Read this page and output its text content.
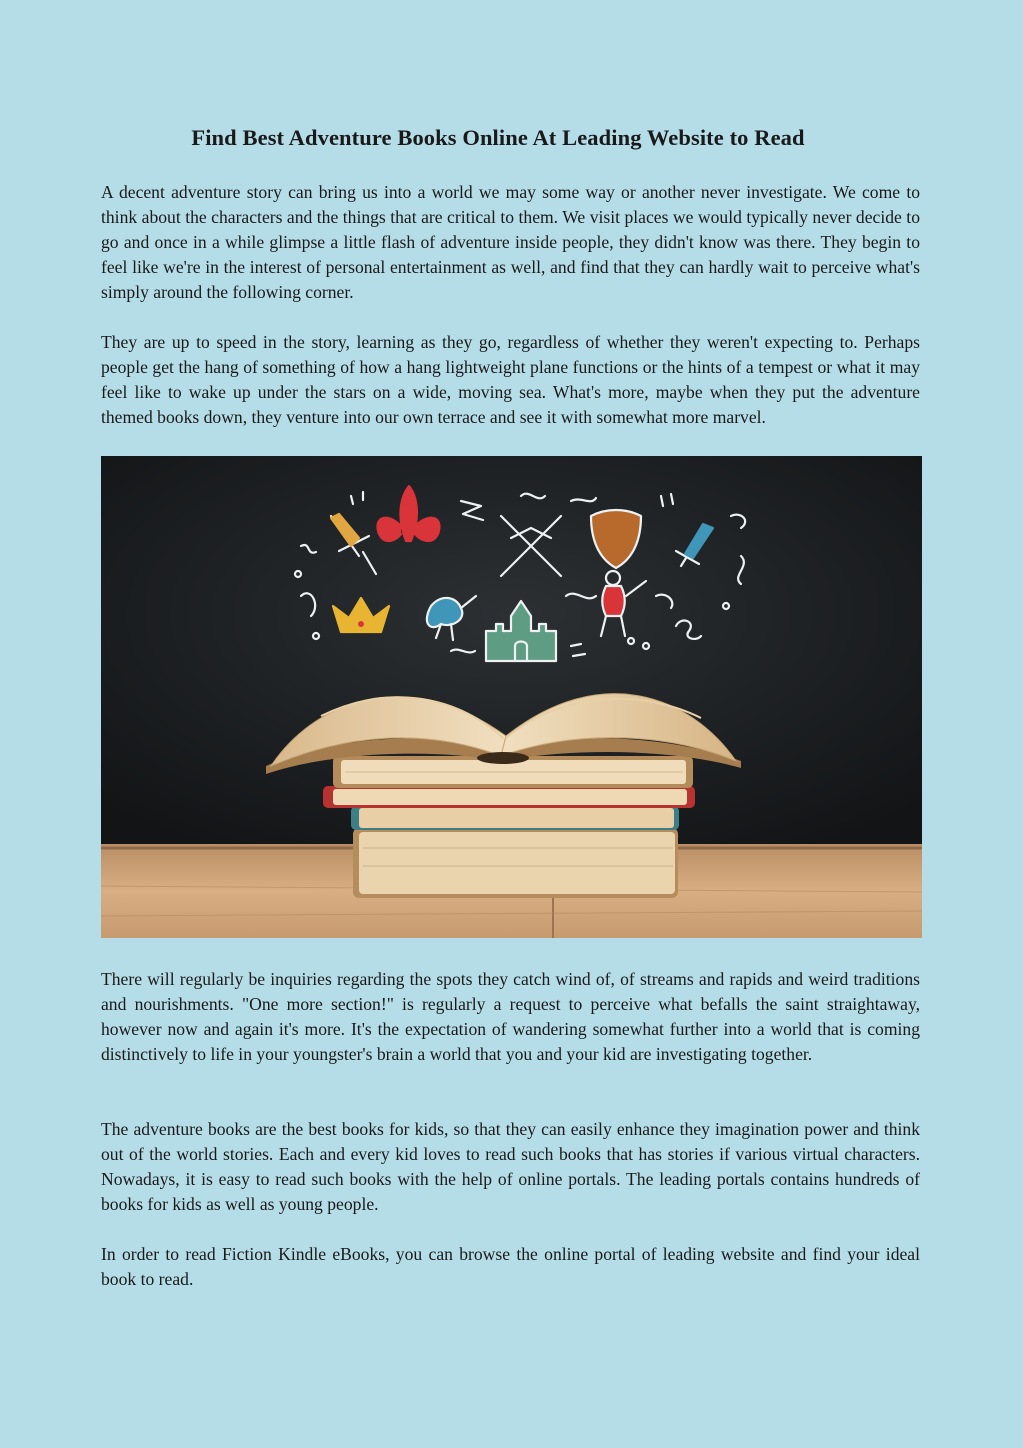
Find Best Adventure Books Online At Leading Website to Read

A decent adventure story can bring us into a world we may some way or another never investigate. We come to think about the characters and the things that are critical to them. We visit places we would typically never decide to go and once in a while glimpse a little flash of adventure inside people, they didn't know was there. They begin to feel like we're in the interest of personal entertainment as well, and find that they can hardly wait to perceive what's simply around the following corner.

They are up to speed in the story, learning as they go, regardless of whether they weren't expecting to. Perhaps people get the hang of something of how a hang lightweight plane functions or the hints of a tempest or what it may feel like to wake up under the stars on a wide, moving sea. What's more, maybe when they put the adventure themed books down, they venture into our own terrace and see it with somewhat more marvel.

There will regularly be inquiries regarding the spots they catch wind of, of streams and rapids and weird traditions and nourishments. "One more section!" is regularly a request to perceive what befalls the saint straightaway, however now and again it's more. It's the expectation of wandering somewhat further into a world that is coming distinctively to life in your youngster's brain a world that you and your kid are investigating together.

The adventure books are the best books for kids, so that they can easily enhance they imagination power and think out of the world stories. Each and every kid loves to read such books that has stories if various virtual characters. Nowadays, it is easy to read such books with the help of online portals. The leading portals contains hundreds of books for kids as well as young people.

In order to read Fiction Kindle eBooks, you can browse the online portal of leading website and find your ideal book to read.
